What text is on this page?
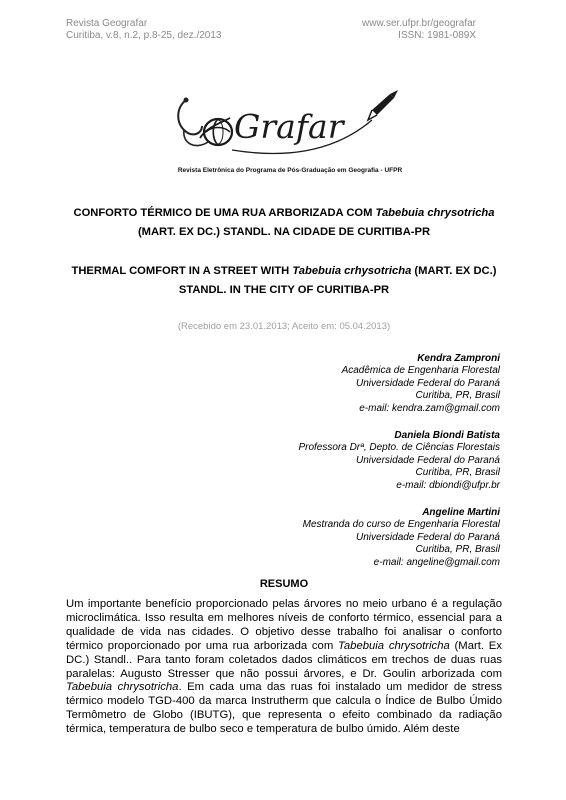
Revista Geografar
Curitiba, v.8, n.2, p.8-25, dez./2013
www.ser.ufpr.br/geografar
ISSN: 1981-089X
Grafar
Revista Eletrônica do Programa de Pós-Graduação em Geografia - UFPR
CONFORTO TÉRMICO DE UMA RUA ARBORIZADA COM Tabebuia chrysotricha (MART. EX DC.) STANDL. NA CIDADE DE CURITIBA-PR
THERMAL COMFORT IN A STREET WITH Tabebuia crhysotricha (MART. EX DC.) STANDL. IN THE CITY OF CURITIBA-PR
(Recebido em 23.01.2013; Aceito em: 05.04.2013)
Kendra Zamproni
Acadêmica de Engenharia Florestal
Universidade Federal do Paraná
Curitiba, PR, Brasil
e-mail: kendra.zam@gmail.com
Daniela Biondi Batista
Professora Drª, Depto. de Ciências Florestais
Universidade Federal do Paraná
Curitiba, PR, Brasil
e-mail: dbiondi@ufpr.br
Angeline Martini
Mestranda do curso de Engenharia Florestal
Universidade Federal do Paraná
Curitiba, PR, Brasil
e-mail: angeline@gmail.com
RESUMO
Um importante benefício proporcionado pelas árvores no meio urbano é a regulação microclimática. Isso resulta em melhores níveis de conforto térmico, essencial para a qualidade de vida nas cidades. O objetivo desse trabalho foi analisar o conforto térmico proporcionado por uma rua arborizada com Tabebuia chrysotricha (Mart. Ex DC.) Standl.. Para tanto foram coletados dados climáticos em trechos de duas ruas paralelas: Augusto Stresser que não possui árvores, e Dr. Goulin arborizada com Tabebuia chrysotricha. Em cada uma das ruas foi instalado um medidor de stress térmico modelo TGD-400 da marca Instrutherm que calcula o Índice de Bulbo Úmido Termômetro de Globo (IBUTG), que representa o efeito combinado da radiação térmica, temperatura de bulbo seco e temperatura de bulbo úmido. Além deste
